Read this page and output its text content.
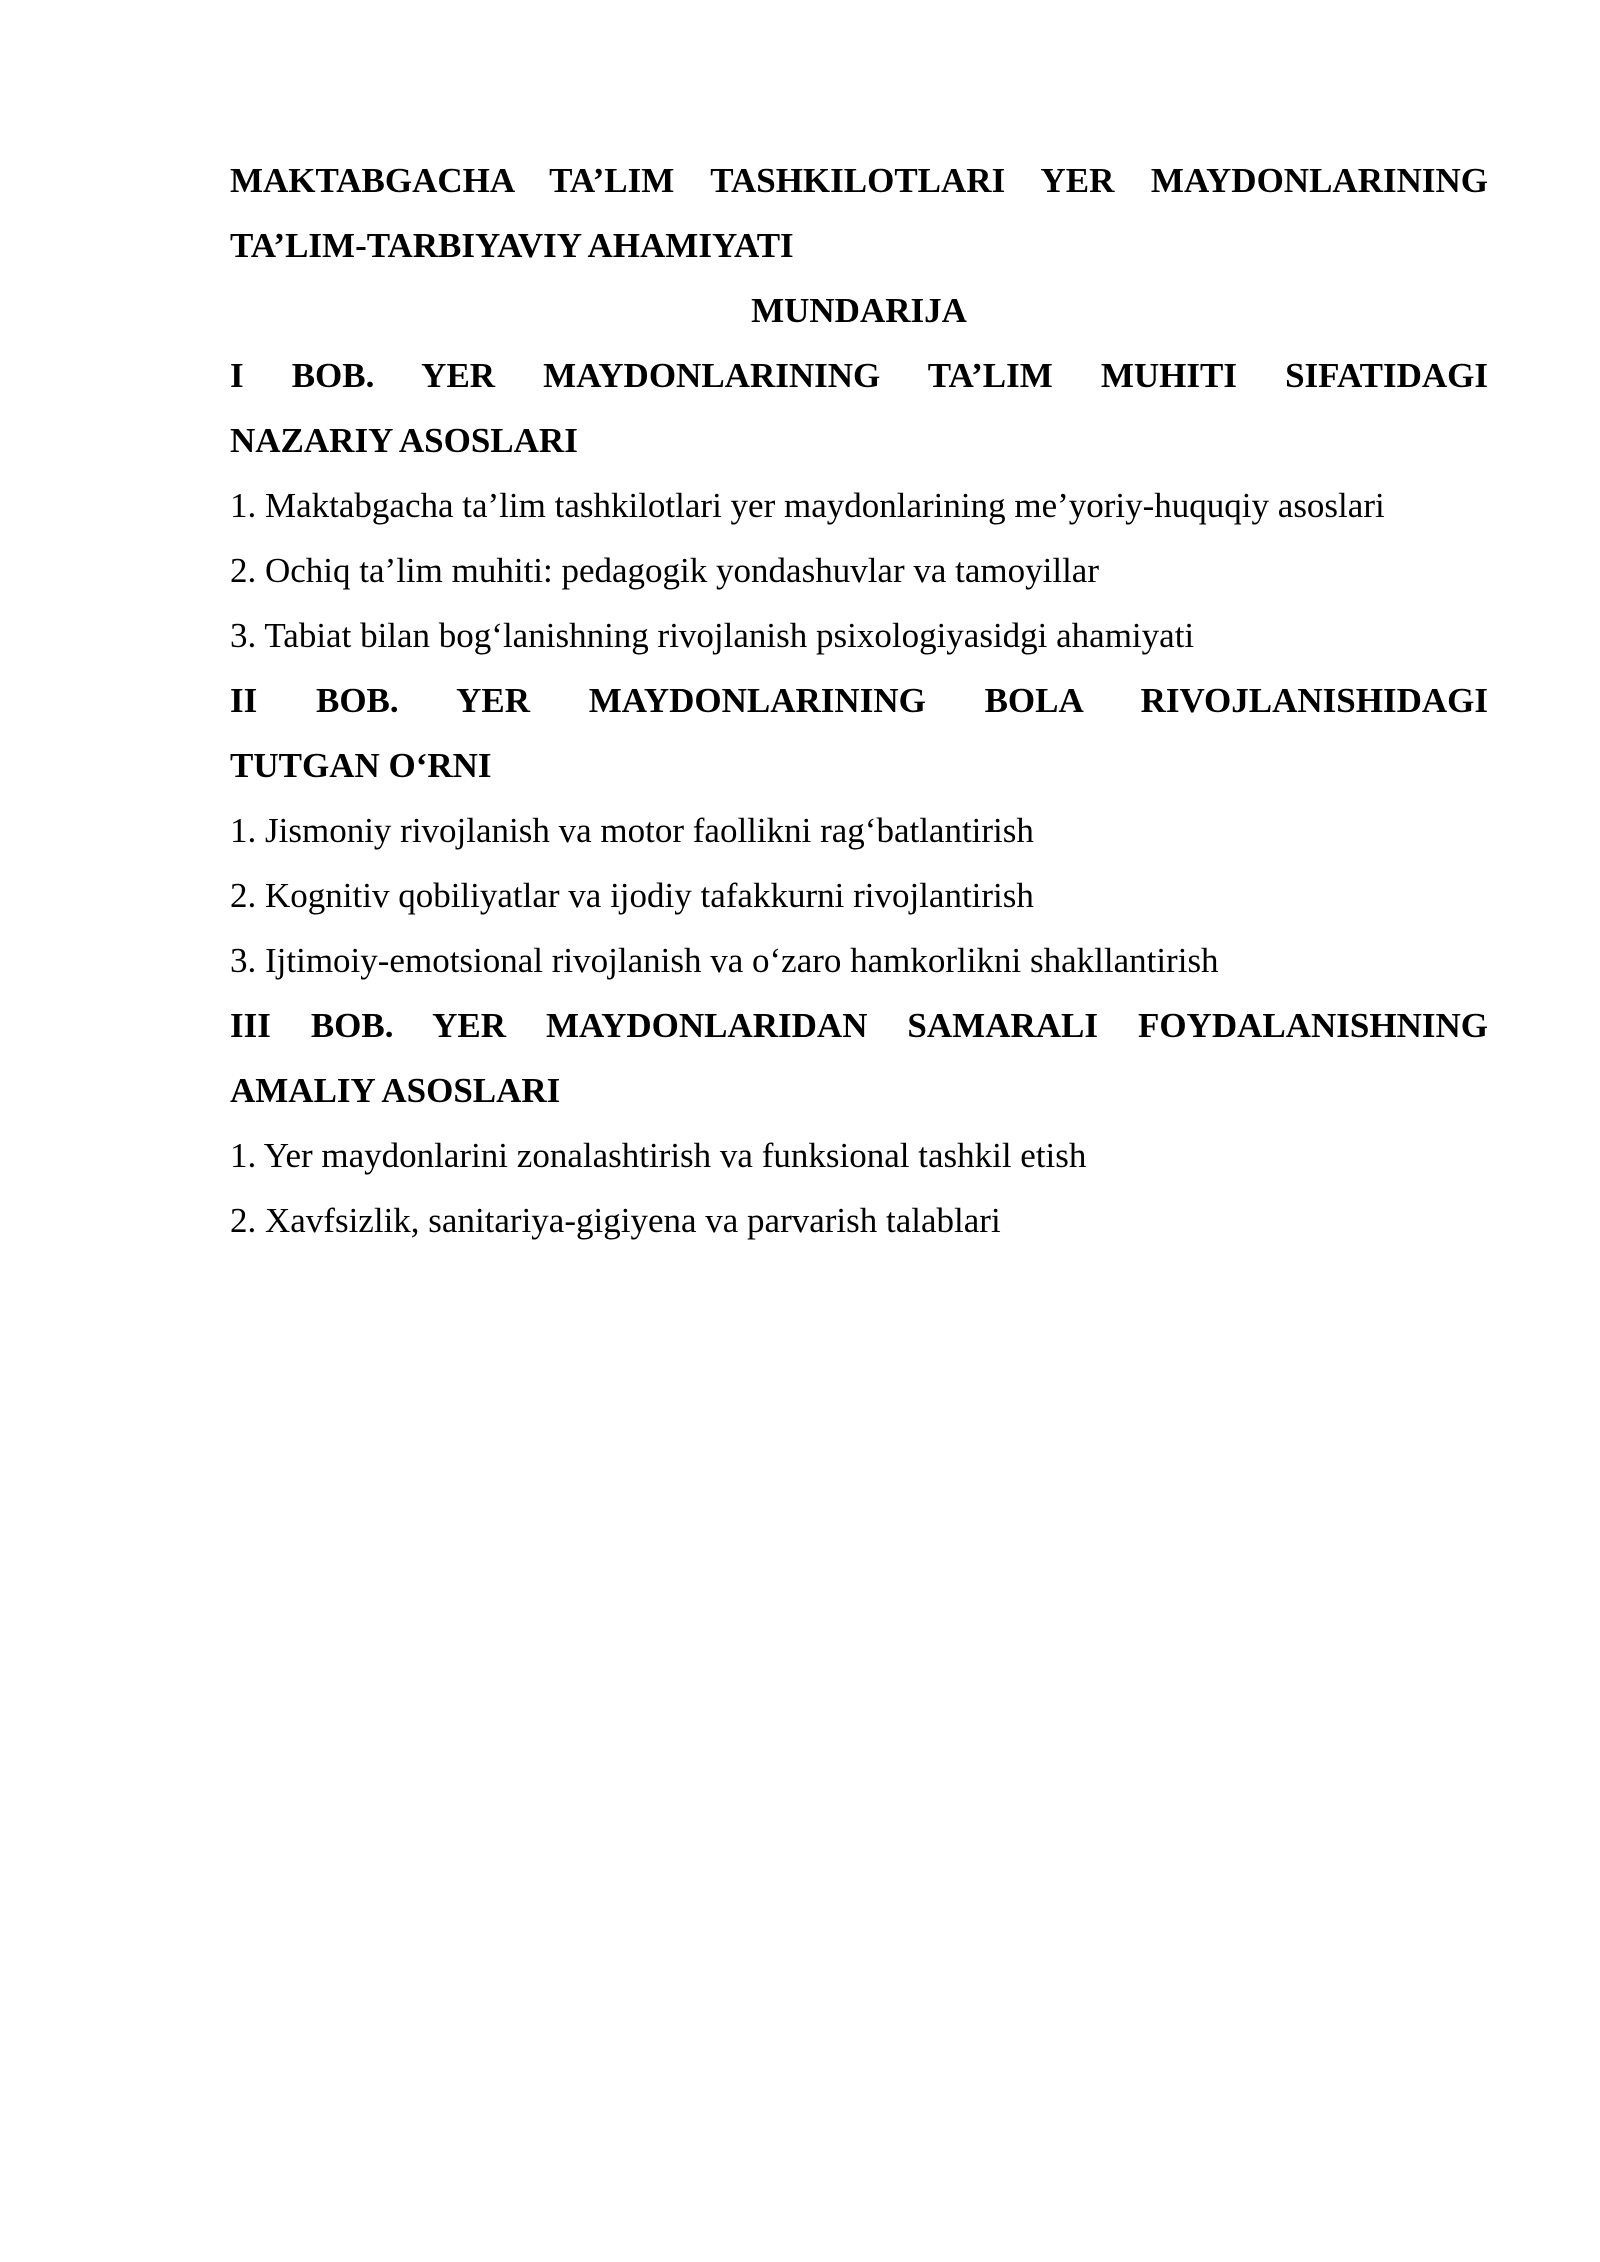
MAKTABGACHA TA’LIM TASHKILOTLARI YER MAYDONLARINING

TA’LIM-TARBIYAVIY AHAMIYATI

MUNDARIJA

I BOB. YER MAYDONLARINING TA’LIM MUHITI SIFATIDAGI

NAZARIY ASOSLARI

1. Maktabgacha ta’lim tashkilotlari yer maydonlarining me’yoriy-huquqiy asoslari

2. Ochiq ta’lim muhiti: pedagogik yondashuvlar va tamoyillar

3. Tabiat bilan bog‘lanishning rivojlanish psixologiyasidgi ahamiyati

II BOB. YER MAYDONLARINING BOLA RIVOJLANISHIDAGI

TUTGAN O‘RNI

1. Jismoniy rivojlanish va motor faollikni rag‘batlantirish

2. Kognitiv qobiliyatlar va ijodiy tafakkurni rivojlantirish

3. Ijtimoiy-emotsional rivojlanish va o‘zaro hamkorlikni shakllantirish

III BOB. YER MAYDONLARIDAN SAMARALI FOYDALANISHNING

AMALIY ASOSLARI

1. Yer maydonlarini zonalashtirish va funksional tashkil etish

2. Xavfsizlik, sanitariya-gigiyena va parvarish talablari
